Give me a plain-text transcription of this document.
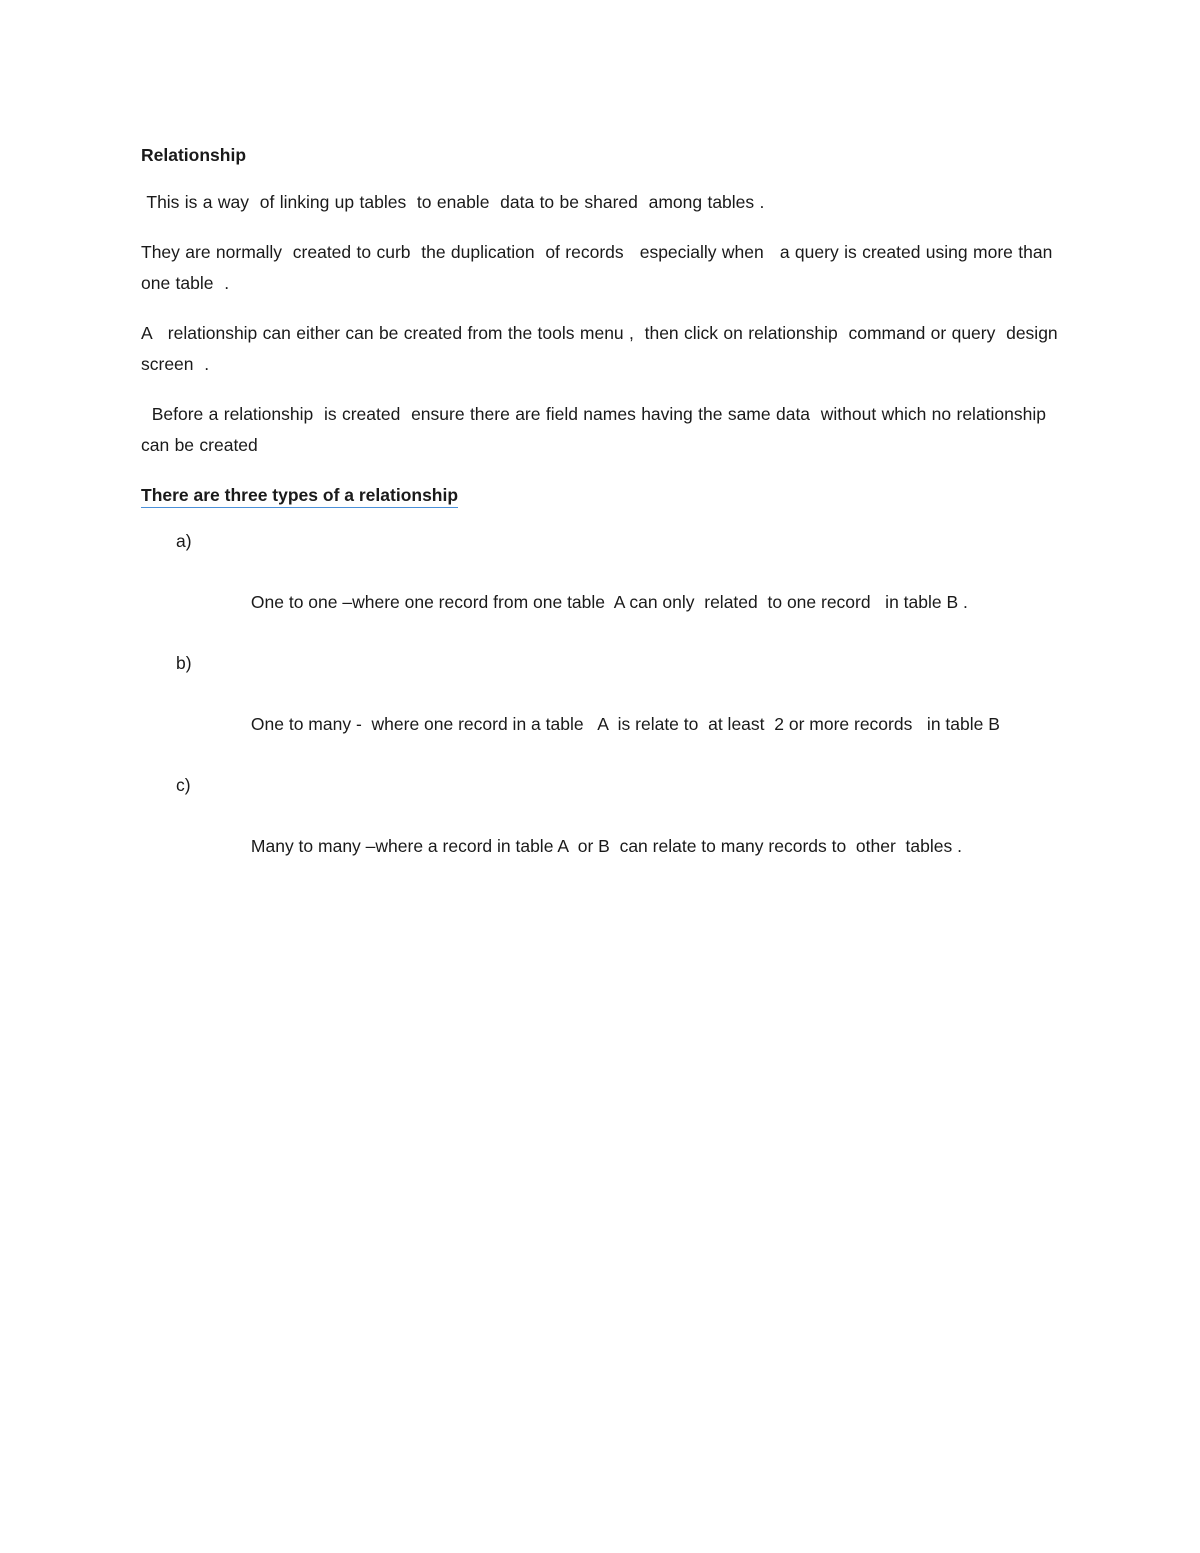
Relationship
This is a way  of linking up tables  to enable  data to be shared  among tables .
They are normally  created to curb  the duplication  of records   especially when   a query is created using more than  one table  .
A   relationship can either can be created from the tools menu ,  then click on relationship  command or query  design screen  .
Before a relationship  is created  ensure there are field names having the same data  without which no relationship can be created
There are three types of a relationship

a)

One to one –where one record from one table  A can only  related  to one record   in table B .

b)

One to many -  where one record in a table   A  is relate to  at least  2 or more records   in table B

c)

Many to many –where a record in table A  or B  can relate to many records to  other  tables .
